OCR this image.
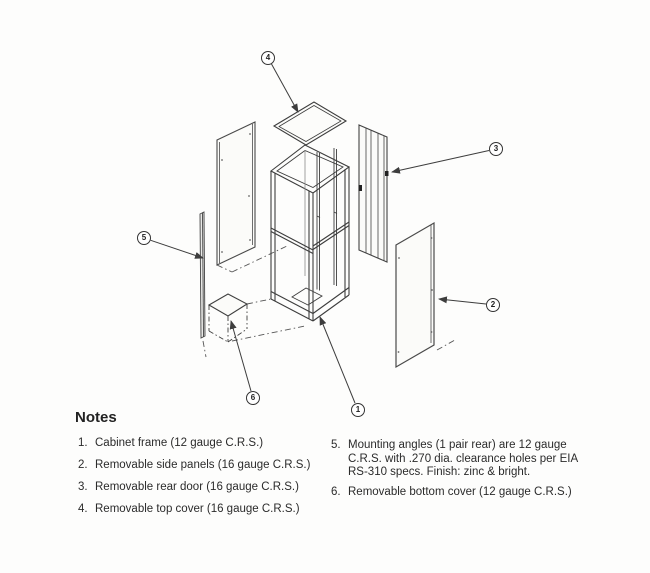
1
2
3
4
5
6
Notes
1. Cabinet frame (12 gauge C.R.S.)
2. Removable side panels (16 gauge C.R.S.)
3. Removable rear door (16 gauge C.R.S.)
4. Removable top cover (16 gauge C.R.S.)
5. Mounting angles (1 pair rear) are 12 gauge C.R.S. with .270 dia. clearance holes per EIA RS-310 specs. Finish: zinc & bright.
6. Removable bottom cover (12 gauge C.R.S.)
